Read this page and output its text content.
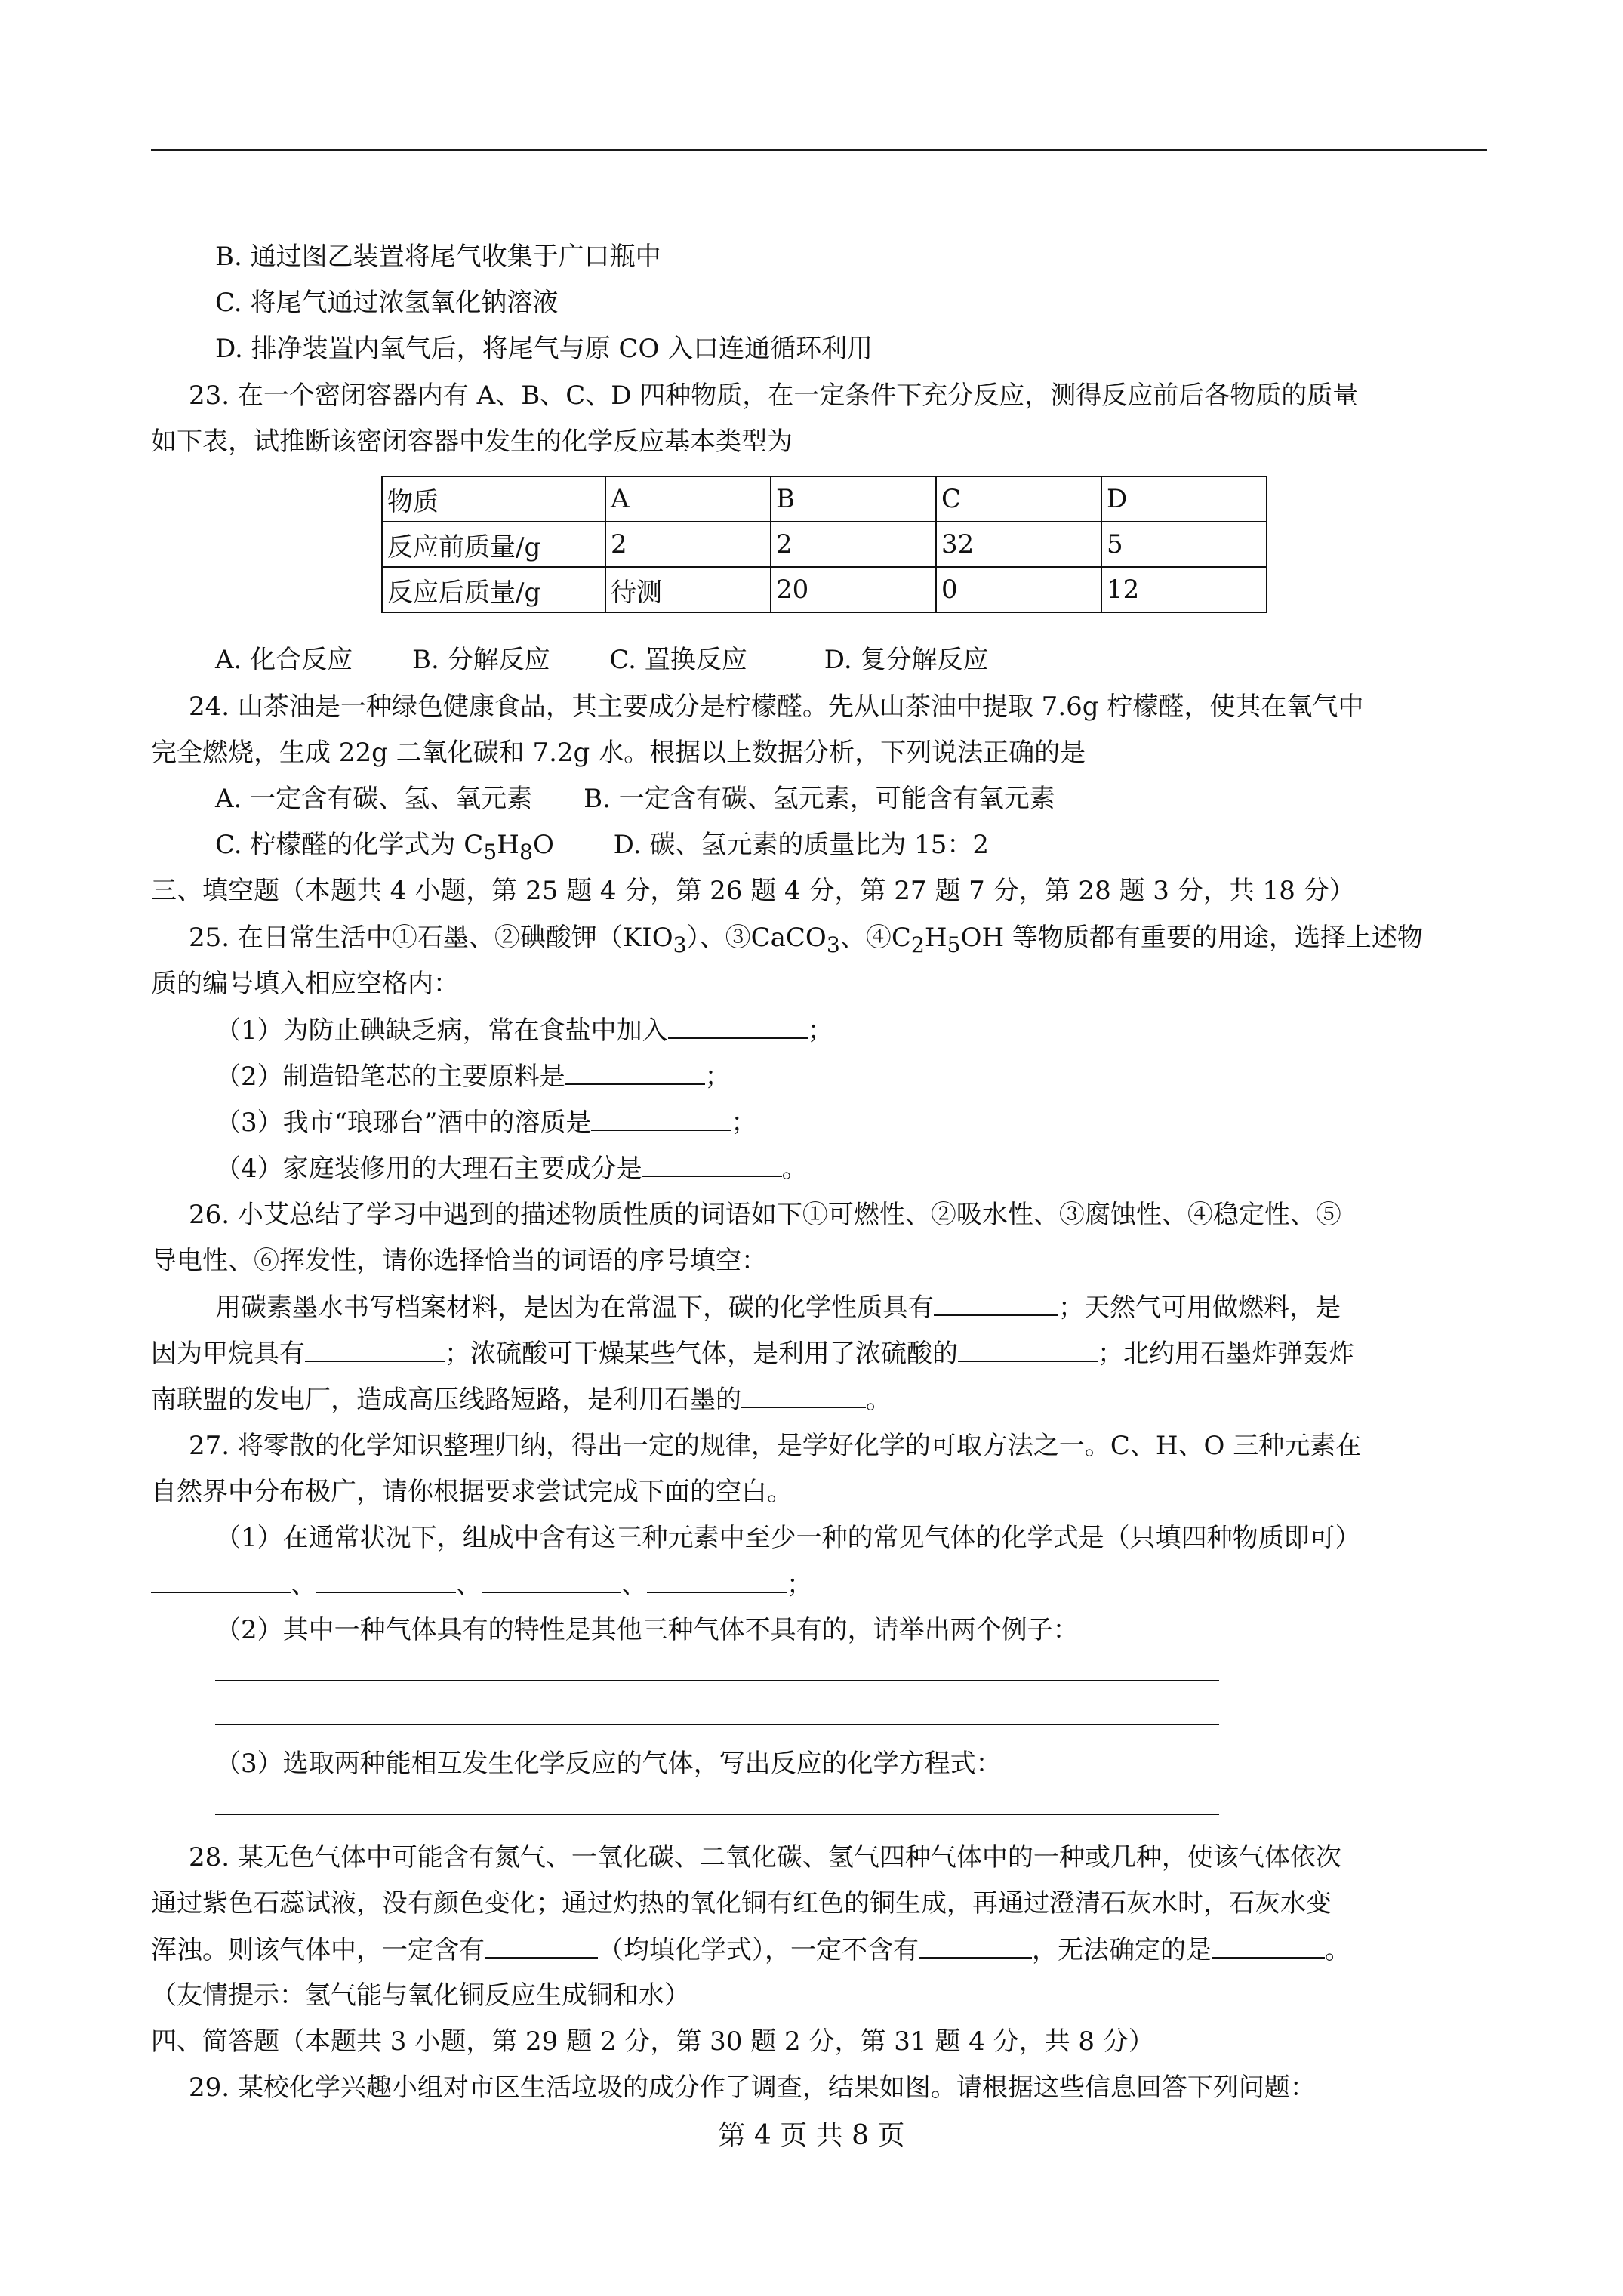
B. 通过图乙装置将尾气收集于广口瓶中
C. 将尾气通过浓氢氧化钠溶液
D. 排净装置内氧气后，将尾气与原 CO 入口连通循环利用
23. 在一个密闭容器内有 A、B、C、D 四种物质，在一定条件下充分反应，测得反应前后各物质的质量
如下表，试推断该密闭容器中发生的化学反应基本类型为
物质	A	B	C	D
反应前质量/g	2	2	32	5
反应后质量/g	待测	20	0	12
A. 化合反应　　 B. 分解反应　　 C. 置换反应　　　D. 复分解反应
24. 山茶油是一种绿色健康食品，其主要成分是柠檬醛。先从山茶油中提取 7.6g 柠檬醛，使其在氧气中
完全燃烧，生成 22g 二氧化碳和 7.2g 水。根据以上数据分析，下列说法正确的是
A. 一定含有碳、氢、氧元素　　B. 一定含有碳、氢元素，可能含有氧元素
C. 柠檬醛的化学式为 $C_5H_8O$　　 D. 碳、氢元素的质量比为 15：2
三、填空题（本题共 4 小题，第 25 题 4 分，第 26 题 4 分，第 27 题 7 分，第 28 题 3 分，共 18 分）
25. 在日常生活中①石墨、②碘酸钾$(KIO_3)$、③CaCO$_3$、$④C_2H_5OH$ 等物质都有重要的用途，选择上述物
质的编号填入相应空格内：
（1）为防止碘缺乏病，常在食盐中加入	；
（2）制造铅笔芯的主要原料是	；
（3）我市“琅琊台”酒中的溶质是	；
（4）家庭装修用的大理石主要成分是	。
26. 小艾总结了学习中遇到的描述物质性质的词语如下①可燃性、②吸水性、③腐蚀性、④稳定性、⑤
导电性、⑥挥发性，请你选择恰当的词语的序号填空：
用碳素墨水书写档案材料，是因为在常温下，碳的化学性质具有	；天然气可用做燃料，是
因为甲烷具有	；浓硫酸可干燥某些气体，是利用了浓硫酸的	；北约用石墨炸弹轰炸
南联盟的发电厂，造成高压线路短路，是利用石墨的	。
27. 将零散的化学知识整理归纳，得出一定的规律，是学好化学的可取方法之一。C、H、O 三种元素在
自然界中分布极广，请你根据要求尝试完成下面的空白。
（1）在通常状况下，组成中含有这三种元素中至少一种的常见气体的化学式是（只填四种物质即可）
、	、	、	；
（2）其中一种气体具有的特性是其他三种气体不具有的，请举出两个例子：
（3）选取两种能相互发生化学反应的气体，写出反应的化学方程式：
28. 某无色气体中可能含有氮气、一氧化碳、二氧化碳、氢气四种气体中的一种或几种，使该气体依次
通过紫色石蕊试液，没有颜色变化；通过灼热的氧化铜有红色的铜生成，再通过澄清石灰水时，石灰水变
浑浊。则该气体中，一定含有	（均填化学式），一定不含有	，无法确定的是	。
（友情提示：氢气能与氧化铜反应生成铜和水）
四、简答题（本题共 3 小题，第 29 题 2 分，第 30 题 2 分，第 31 题 4 分，共 8 分）
29. 某校化学兴趣小组对市区生活垃圾的成分作了调查，结果如图。请根据这些信息回答下列问题：
第 4 页 共 8 页
